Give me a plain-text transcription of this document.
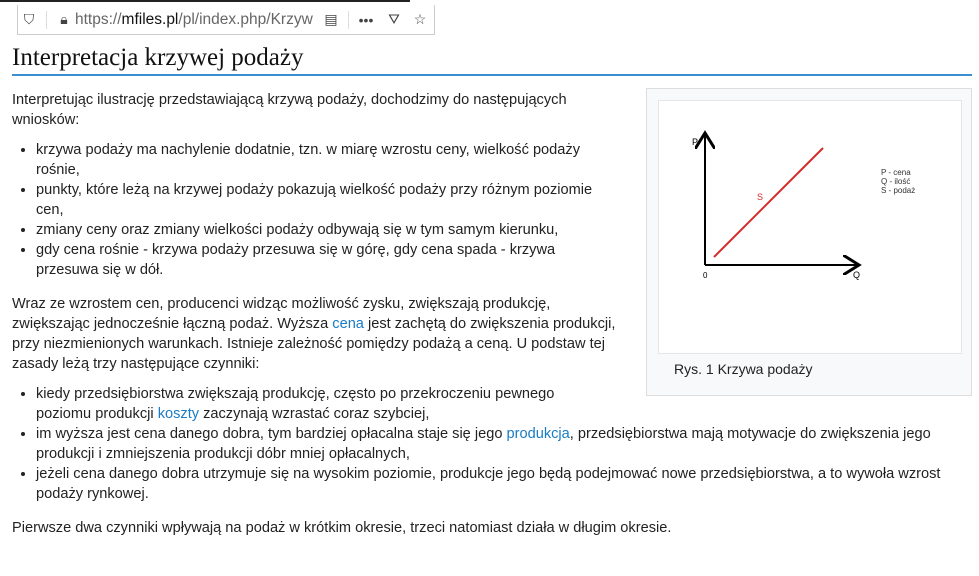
⛉	🔒︎ https://mfiles.pl/pl/index.php/Krzyw ▤	•••	⛛ ☆
Interpretacja krzywej podaży
P
Q
0
S
P - cena
Q - ilość
S - podaż
Rys. 1 Krzywa podaży

Interpretując ilustrację przedstawiającą krzywą podaży, dochodzimy do następujących wniosków:

• krzywa podaży ma nachylenie dodatnie, tzn. w miarę wzrostu ceny, wielkość podaży rośnie,
• punkty, które leżą na krzywej podaży pokazują wielkość podaży przy różnym poziomie cen,
• zmiany ceny oraz zmiany wielkości podaży odbywają się w tym samym kierunku,
• gdy cena rośnie - krzywa podaży przesuwa się w górę, gdy cena spada - krzywa przesuwa się w dół.

Wraz ze wzrostem cen, producenci widząc możliwość zysku, zwiększają produkcję, zwiększając jednocześnie łączną podaż. Wyższa cena jest zachętą do zwiększenia produkcji, przy niezmienionych warunkach. Istnieje zależność pomiędzy podażą a ceną. U podstaw tej zasady leżą trzy następujące czynniki:

• kiedy przedsiębiorstwa zwiększają produkcję, często po przekroczeniu pewnego poziomu produkcji koszty zaczynają wzrastać coraz szybciej,
• im wyższa jest cena danego dobra, tym bardziej opłacalna staje się jego produkcja, przedsiębiorstwa mają motywacje do zwiększenia jego produkcji i zmniejszenia produkcji dóbr mniej opłacalnych,
• jeżeli cena danego dobra utrzymuje się na wysokim poziomie, produkcje jego będą podejmować nowe przedsiębiorstwa, a to wywoła wzrost podaży rynkowej.

Pierwsze dwa czynniki wpływają na podaż w krótkim okresie, trzeci natomiast działa w długim okresie.
